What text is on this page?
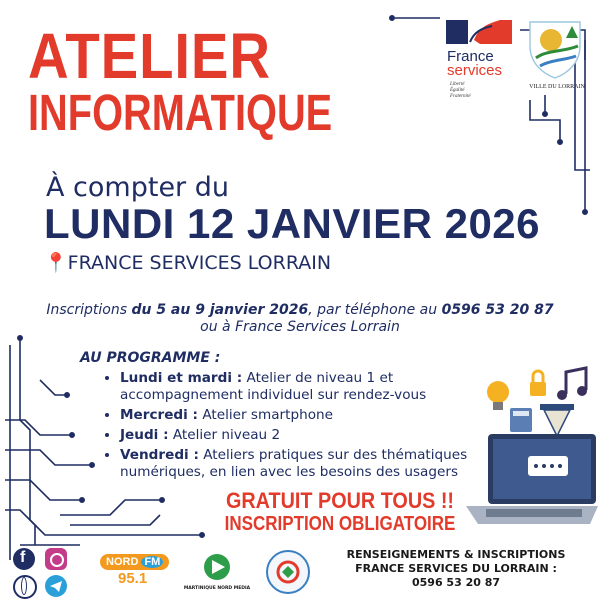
ATELIER
INFORMATIQUE
France
services
Liberté
Égalité
Fraternité
VILLE DU LORRAIN
À compter du
LUNDI 12 JANVIER 2026
📍FRANCE SERVICES LORRAIN
Inscriptions du 5 au 9 janvier 2026, par téléphone au 0596 53 20 87
ou à France Services Lorrain
AU PROGRAMME :
• Lundi et mardi : Atelier de niveau 1 et accompagnement individuel sur rendez-vous
• Mercredi : Atelier smartphone
• Jeudi : Atelier niveau 2
• Vendredi : Ateliers pratiques sur des thématiques numériques, en lien avec les besoins des usagers
GRATUIT POUR TOUS !!
INSCRIPTION OBLIGATOIRE
f	NORD FM
95.1
MARTINIQUE NORD MEDIA
RENSEIGNEMENTS & INSCRIPTIONS
FRANCE SERVICES DU LORRAIN :
0596 53 20 87
